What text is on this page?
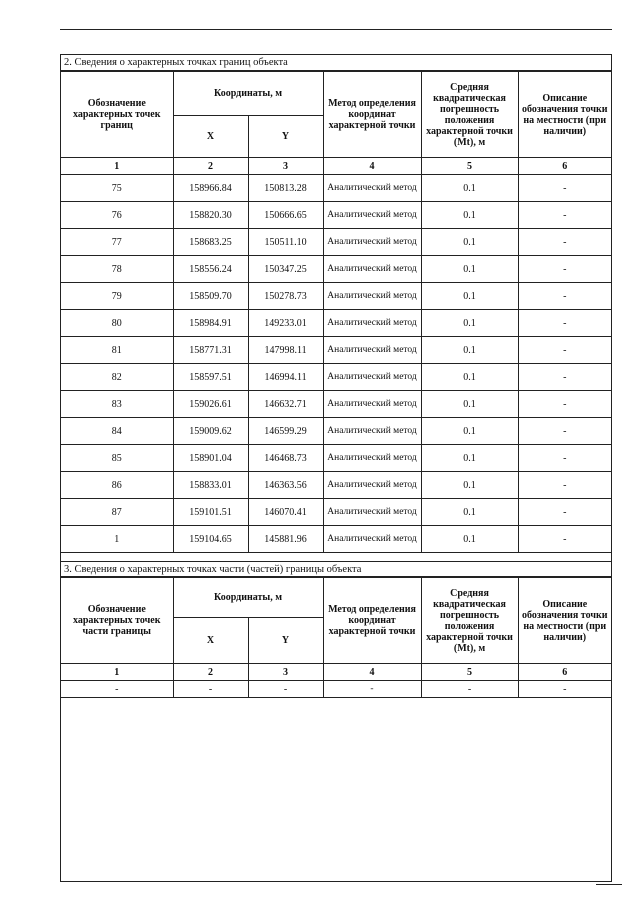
2. Сведения о характерных точках границ объекта
Обозначение характерных точек границ	Координаты, м		Метод определения координат характерной точки	Средняя квадратическая погрешность положения характерной точки (Mt), м	Описание обозначения точки на местности (при наличии)
	X	Y			
1	2	3	4	5	6
75	158966.84	150813.28	Аналитический метод	0.1	-
76	158820.30	150666.65	Аналитический метод	0.1	-
77	158683.25	150511.10	Аналитический метод	0.1	-
78	158556.24	150347.25	Аналитический метод	0.1	-
79	158509.70	150278.73	Аналитический метод	0.1	-
80	158984.91	149233.01	Аналитический метод	0.1	-
81	158771.31	147998.11	Аналитический метод	0.1	-
82	158597.51	146994.11	Аналитический метод	0.1	-
83	159026.61	146632.71	Аналитический метод	0.1	-
84	159009.62	146599.29	Аналитический метод	0.1	-
85	158901.04	146468.73	Аналитический метод	0.1	-
86	158833.01	146363.56	Аналитический метод	0.1	-
87	159101.51	146070.41	Аналитический метод	0.1	-
1	159104.65	145881.96	Аналитический метод	0.1	-
3. Сведения о характерных точках части (частей) границы объекта
Обозначение характерных точек части границы	Координаты, м		Метод определения координат характерной точки	Средняя квадратическая погрешность положения характерной точки (Mt), м	Описание обозначения точки на местности (при наличии)
	X	Y			
1	2	3	4	5	6
-	-	-	-	-	-
